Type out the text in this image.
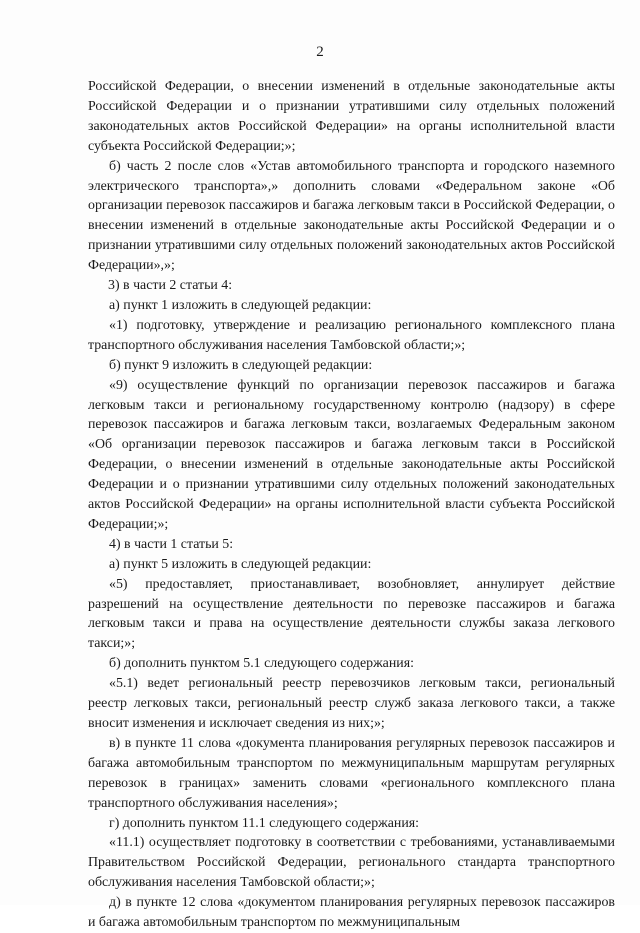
2

Российской Федерации, о внесении изменений в отдельные законодательные акты Российской Федерации и о признании утратившими силу отдельных положений законодательных актов Российской Федерации» на органы исполнительной власти субъекта Российской Федерации;»;

б) часть 2 после слов «Устав автомобильного транспорта и городского наземного электрического транспорта»,» дополнить словами «Федеральном законе «Об организации перевозок пассажиров и багажа легковым такси в Российской Федерации, о внесении изменений в отдельные законодательные акты Российской Федерации и о признании утратившими силу отдельных положений законодательных актов Российской Федерации»,»;

3) в части 2 статьи 4:

а) пункт 1 изложить в следующей редакции:

«1) подготовку, утверждение и реализацию регионального комплексного плана транспортного обслуживания населения Тамбовской области;»;

б) пункт 9 изложить в следующей редакции:

«9) осуществление функций по организации перевозок пассажиров и багажа легковым такси и региональному государственному контролю (надзору) в сфере перевозок пассажиров и багажа легковым такси, возлагаемых Федеральным законом «Об организации перевозок пассажиров и багажа легковым такси в Российской Федерации, о внесении изменений в отдельные законодательные акты Российской Федерации и о признании утратившими силу отдельных положений законодательных актов Российской Федерации» на органы исполнительной власти субъекта Российской Федерации;»;

4) в части 1 статьи 5:

а) пункт 5 изложить в следующей редакции:

«5) предоставляет, приостанавливает, возобновляет, аннулирует действие разрешений на осуществление деятельности по перевозке пассажиров и багажа легковым такси и права на осуществление деятельности службы заказа легкового такси;»;

б) дополнить пунктом 5.1 следующего содержания:

«5.1) ведет региональный реестр перевозчиков легковым такси, региональный реестр легковых такси, региональный реестр служб заказа легкового такси, а также вносит изменения и исключает сведения из них;»;

в) в пункте 11 слова «документа планирования регулярных перевозок пассажиров и багажа автомобильным транспортом по межмуниципальным маршрутам регулярных перевозок в границах» заменить словами «регионального комплексного плана транспортного обслуживания населения»;

г) дополнить пунктом 11.1 следующего содержания:

«11.1) осуществляет подготовку в соответствии с требованиями, устанавливаемыми Правительством Российской Федерации, регионального стандарта транспортного обслуживания населения Тамбовской области;»;

д) в пункте 12 слова «документом планирования регулярных перевозок пассажиров и багажа автомобильным транспортом по межмуниципальным
